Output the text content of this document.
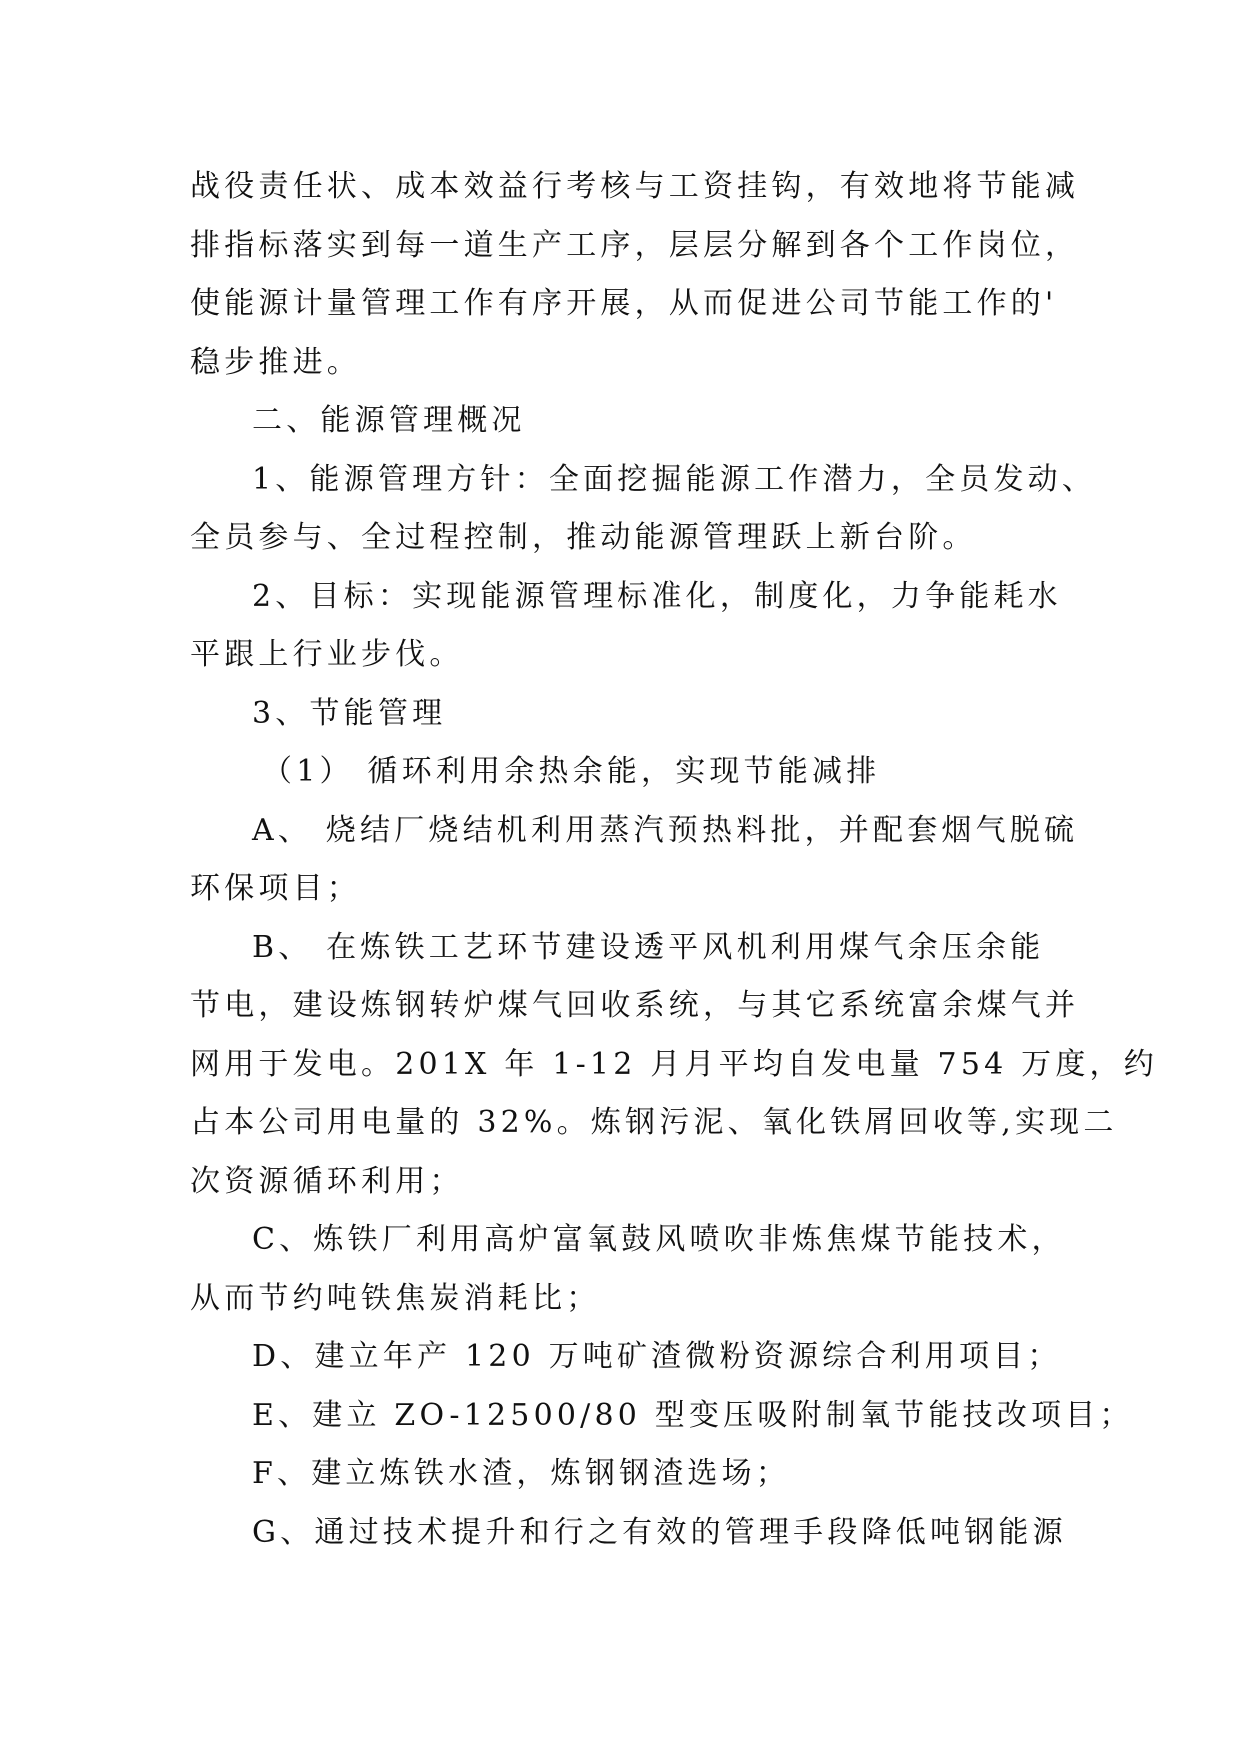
战役责任状、成本效益行考核与工资挂钩，有效地将节能减
排指标落实到每一道生产工序，层层分解到各个工作岗位，
使能源计量管理工作有序开展，从而促进公司节能工作的'
稳步推进。
二、能源管理概况
1、能源管理方针：全面挖掘能源工作潜力，全员发动、
全员参与、全过程控制，推动能源管理跃上新台阶。
2、目标：实现能源管理标准化，制度化，力争能耗水
平跟上行业步伐。
3、节能管理
（1） 循环利用余热余能，实现节能减排
A、 烧结厂烧结机利用蒸汽预热料批，并配套烟气脱硫
环保项目；
B、 在炼铁工艺环节建设透平风机利用煤气余压余能
节电，建设炼钢转炉煤气回收系统，与其它系统富余煤气并
网用于发电。201X 年 1-12 月月平均自发电量 754 万度，约
占本公司用电量的 32%。炼钢污泥、氧化铁屑回收等,实现二
次资源循环利用；
C、炼铁厂利用高炉富氧鼓风喷吹非炼焦煤节能技术，
从而节约吨铁焦炭消耗比；
D、建立年产 120 万吨矿渣微粉资源综合利用项目；
E、建立 ZO-12500/80 型变压吸附制氧节能技改项目；
F、建立炼铁水渣，炼钢钢渣选场；
G、通过技术提升和行之有效的管理手段降低吨钢能源
